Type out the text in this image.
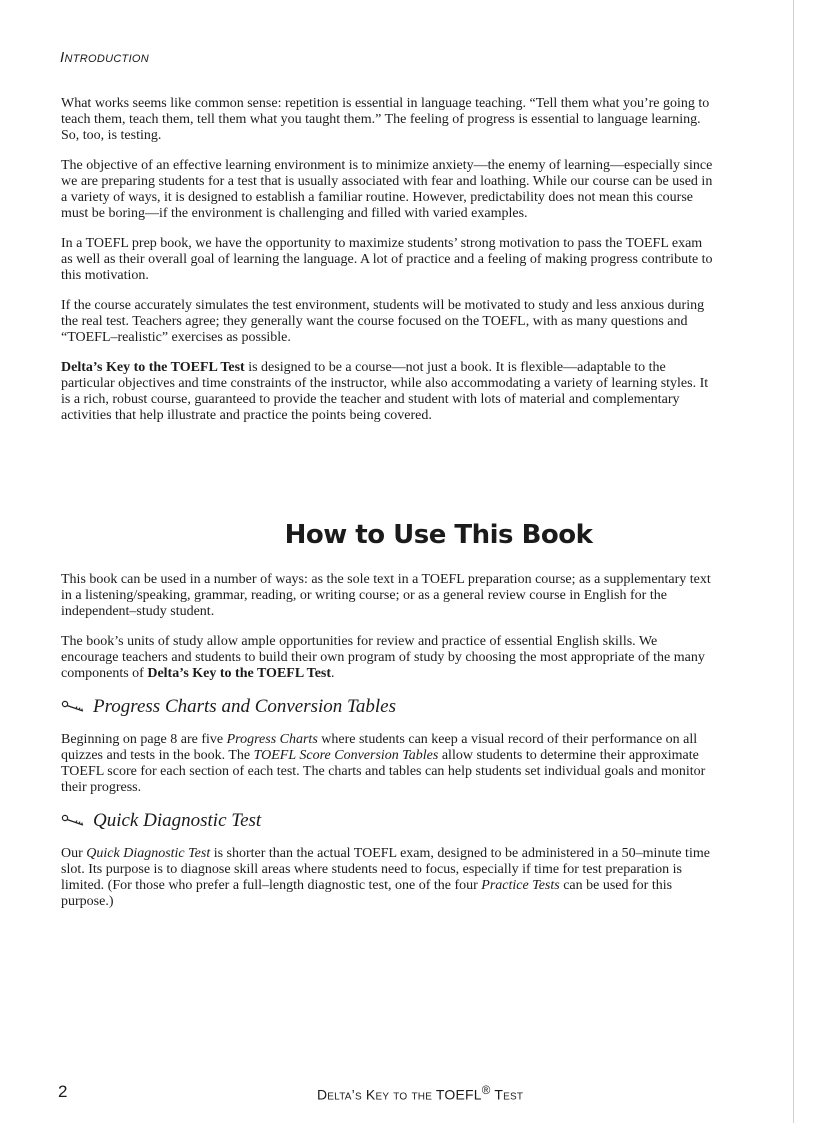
Introduction

What works seems like common sense: repetition is essential in language teaching. “Tell them what you’re going to teach them, teach them, tell them what you taught them.” The feeling of progress is essential to language learning. So, too, is testing.

The objective of an effective learning environment is to minimize anxiety—the enemy of learning—especially since we are preparing students for a test that is usually associated with fear and loathing. While our course can be used in a variety of ways, it is designed to establish a familiar routine. However, predictability does not mean this course must be boring—if the environment is challenging and filled with varied examples.

In a TOEFL prep book, we have the opportunity to maximize students’ strong motivation to pass the TOEFL exam as well as their overall goal of learning the language. A lot of practice and a feeling of making progress contribute to this motivation.

If the course accurately simulates the test environment, students will be motivated to study and less anxious during the real test. Teachers agree; they generally want the course focused on the TOEFL, with as many questions and “TOEFL–realistic” exercises as possible.

Delta’s Key to the TOEFL Test is designed to be a course—not just a book. It is flexible—adaptable to the particular objectives and time constraints of the instructor, while also accommodating a variety of learning styles. It is a rich, robust course, guaranteed to provide the teacher and student with lots of material and complementary activities that help illustrate and practice the points being covered.

How to Use This Book

This book can be used in a number of ways: as the sole text in a TOEFL preparation course; as a supplementary text in a listening/speaking, grammar, reading, or writing course; or as a general review course in English for the independent–study student.

The book’s units of study allow ample opportunities for review and practice of essential English skills. We encourage teachers and students to build their own program of study by choosing the most appropriate of the many components of Delta’s Key to the TOEFL Test.

Progress Charts and Conversion Tables

Beginning on page 8 are five Progress Charts where students can keep a visual record of their performance on all quizzes and tests in the book. The TOEFL Score Conversion Tables allow students to determine their approximate TOEFL score for each section of each test. The charts and tables can help students set individual goals and monitor their progress.

Quick Diagnostic Test

Our Quick Diagnostic Test is shorter than the actual TOEFL exam, designed to be administered in a 50–minute time slot. Its purpose is to diagnose skill areas where students need to focus, especially if time for test preparation is limited. (For those who prefer a full–length diagnostic test, one of the four Practice Tests can be used for this purpose.)

2	Delta’s Key to the TOEFL® Test
